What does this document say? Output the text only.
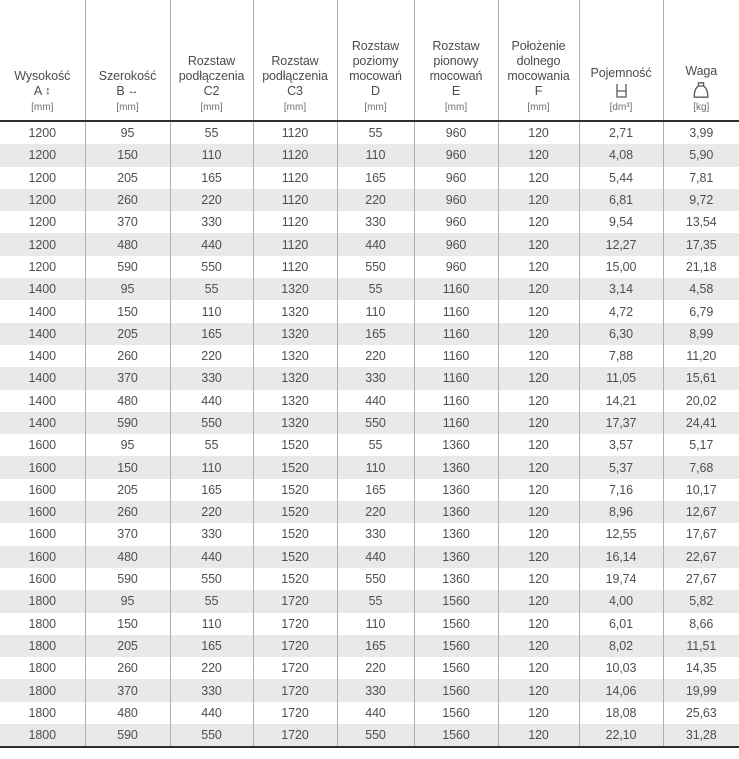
Wysokość
A ↕
[mm]

Szerokość
B ↔
[mm]

Rozstaw
podłączenia
C2
[mm]

Rozstaw
podłączenia
C3
[mm]

Rozstaw
poziomy
mocowań
D
[mm]

Rozstaw
pionowy
mocowań
E
[mm]

Położenie
dolnego
mocowania
F
[mm]

Pojemność
[dm³]

Waga
[kg]

1200	95	55	1120	55	960	120	2,71	3,99
1200	150	110	1120	110	960	120	4,08	5,90
1200	205	165	1120	165	960	120	5,44	7,81
1200	260	220	1120	220	960	120	6,81	9,72
1200	370	330	1120	330	960	120	9,54	13,54
1200	480	440	1120	440	960	120	12,27	17,35
1200	590	550	1120	550	960	120	15,00	21,18
1400	95	55	1320	55	1160	120	3,14	4,58
1400	150	110	1320	110	1160	120	4,72	6,79
1400	205	165	1320	165	1160	120	6,30	8,99
1400	260	220	1320	220	1160	120	7,88	11,20
1400	370	330	1320	330	1160	120	11,05	15,61
1400	480	440	1320	440	1160	120	14,21	20,02
1400	590	550	1320	550	1160	120	17,37	24,41
1600	95	55	1520	55	1360	120	3,57	5,17
1600	150	110	1520	110	1360	120	5,37	7,68
1600	205	165	1520	165	1360	120	7,16	10,17
1600	260	220	1520	220	1360	120	8,96	12,67
1600	370	330	1520	330	1360	120	12,55	17,67
1600	480	440	1520	440	1360	120	16,14	22,67
1600	590	550	1520	550	1360	120	19,74	27,67
1800	95	55	1720	55	1560	120	4,00	5,82
1800	150	110	1720	110	1560	120	6,01	8,66
1800	205	165	1720	165	1560	120	8,02	11,51
1800	260	220	1720	220	1560	120	10,03	14,35
1800	370	330	1720	330	1560	120	14,06	19,99
1800	480	440	1720	440	1560	120	18,08	25,63
1800	590	550	1720	550	1560	120	22,10	31,28
